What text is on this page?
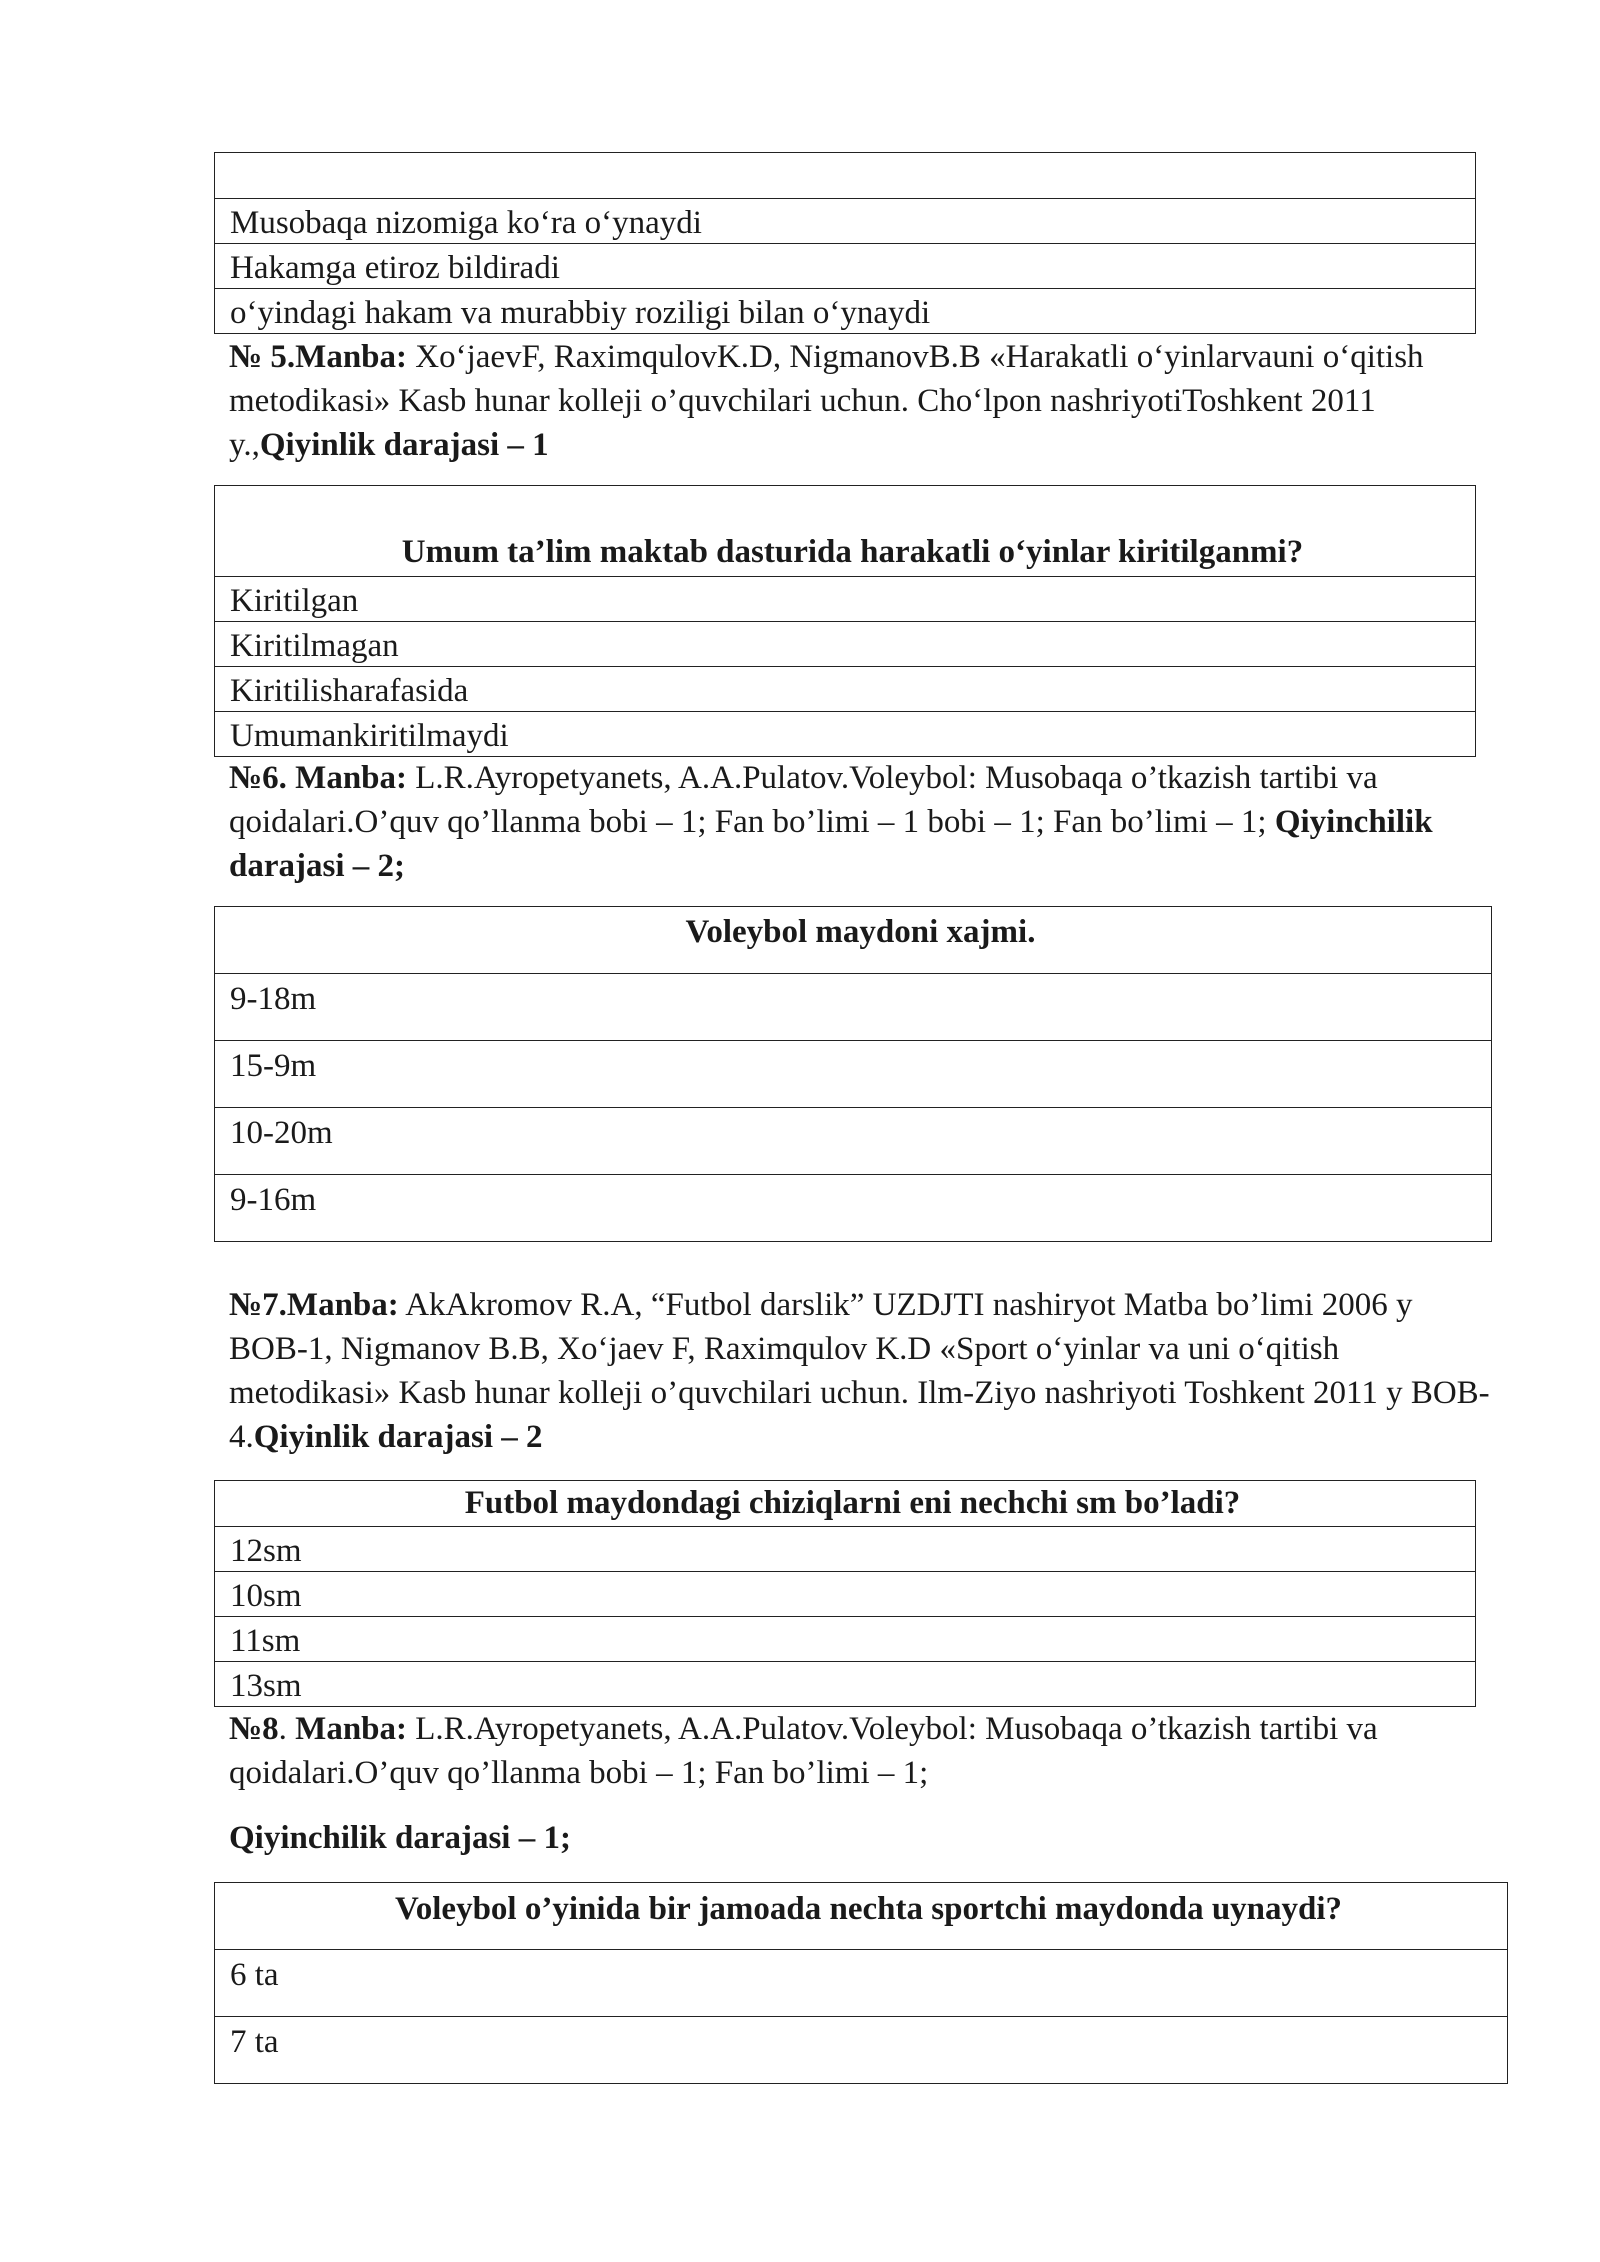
Musobaqa nizomiga ko‘ra o‘ynaydi
Hakamga etiroz bildiradi
o‘yindagi hakam va murabbiy roziligi bilan o‘ynaydi
№ 5.Manba: Xo‘jaevF, RaximqulovK.D, NigmanovB.B «Harakatli o‘yinlarvauni o‘qitish metodikasi» Kasb hunar kolleji o’quvchilari uchun. Cho‘lpon nashriyotiToshkent 2011 y.,Qiyinlik darajasi – 1
Umum ta’lim maktab dasturida harakatli o‘yinlar kiritilganmi?
Kiritilgan
Kiritilmagan
Kiritilisharafasida
Umumankiritilmaydi
№6. Manba: L.R.Ayropetyanets, A.A.Pulatov.Voleybol: Musobaqa o’tkazish tartibi va qoidalari.O’quv qo’llanma bobi – 1; Fan bo’limi – 1 bobi – 1; Fan bo’limi – 1; Qiyinchilik darajasi – 2;
Voleybol maydoni xajmi.
9-18m
15-9m
10-20m
9-16m
№7.Manba: AkAkromov R.A, “Futbol darslik” UZDJTI nashiryot Matba bo’limi 2006 y BOB-1, Nigmanov B.B, Xo‘jaev F, Raximqulov K.D «Sport o‘yinlar va uni o‘qitish metodikasi» Kasb hunar kolleji o’quvchilari uchun. Ilm-Ziyo nashriyoti Toshkent 2011 y BOB-4.Qiyinlik darajasi – 2
Futbol maydondagi chiziqlarni eni nechchi sm bo’ladi?
12sm
10sm
11sm
13sm
№8. Manba: L.R.Ayropetyanets, A.A.Pulatov.Voleybol: Musobaqa o’tkazish tartibi va qoidalari.O’quv qo’llanma bobi – 1; Fan bo’limi – 1;
Qiyinchilik darajasi – 1;
Voleybol o’yinida bir jamoada nechta sportchi maydonda uynaydi?
6 ta
7 ta
